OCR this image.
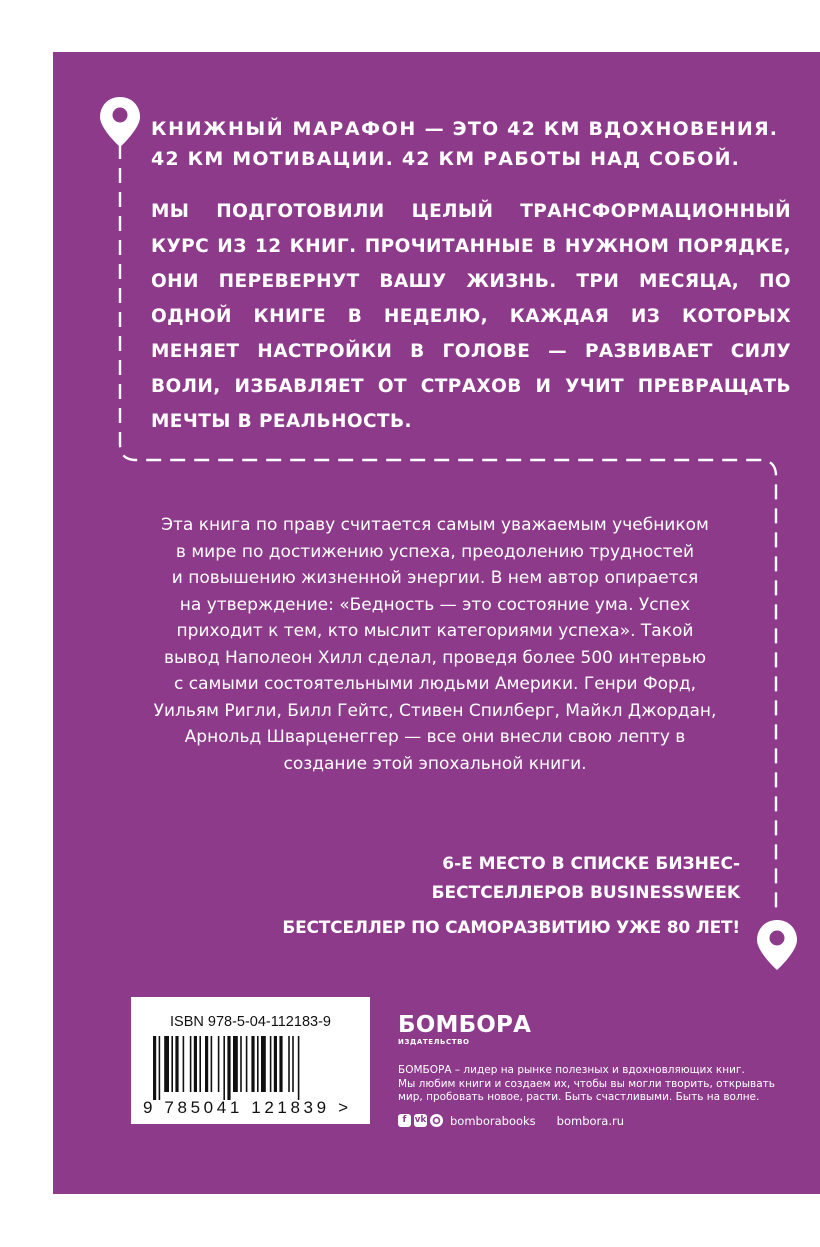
КНИЖНЫЙ МАРАФОН — ЭТО 42 КМ ВДОХНОВЕНИЯ.
42 КМ МОТИВАЦИИ. 42 КМ РАБОТЫ НАД СОБОЙ.
МЫ ПОДГОТОВИЛИ ЦЕЛЫЙ ТРАНСФОРМАЦИОННЫЙ КУРС ИЗ 12 КНИГ. ПРОЧИТАННЫЕ В НУЖНОМ ПОРЯДКЕ, ОНИ ПЕРЕВЕРНУТ ВАШУ ЖИЗНЬ. ТРИ МЕСЯЦА, ПО ОДНОЙ КНИГЕ В НЕДЕЛЮ, КАЖДАЯ ИЗ КОТОРЫХ МЕНЯЕТ НАСТРОЙКИ В ГОЛОВЕ — РАЗВИВАЕТ СИЛУ ВОЛИ, ИЗБАВЛЯЕТ ОТ СТРАХОВ И УЧИТ ПРЕВРАЩАТЬ МЕЧТЫ В РЕАЛЬНОСТЬ.
Эта книга по праву считается самым уважаемым учебником
в мире по достижению успеха, преодолению трудностей
и повышению жизненной энергии. В нем автор опирается
на утверждение: «Бедность — это состояние ума. Успех
приходит к тем, кто мыслит категориями успеха». Такой
вывод Наполеон Хилл сделал, проведя более 500 интервью
с самыми состоятельными людьми Америки. Генри Форд,
Уильям Ригли, Билл Гейтс, Стивен Спилберг, Майкл Джордан,
Арнольд Шварценеггер — все они внесли свою лепту в
создание этой эпохальной книги.
6-Е МЕСТО В СПИСКЕ БИЗНЕС-
БЕСТСЕЛЛЕРОВ BUSINESSWEEK
БЕСТСЕЛЛЕР ПО САМОРАЗВИТИЮ УЖЕ 80 ЛЕТ!
ISBN 978-5-04-112183-9
9 785041 121839 >
БОМБОРА
ИЗДАТЕЛЬСТВО
БОМБОРА – лидер на рынке полезных и вдохновляющих книг.
Мы любим книги и создаем их, чтобы вы могли творить, открывать
мир, пробовать новое, расти. Быть счастливыми. Быть на волне.
f vk bomborabooks bombora.ru
